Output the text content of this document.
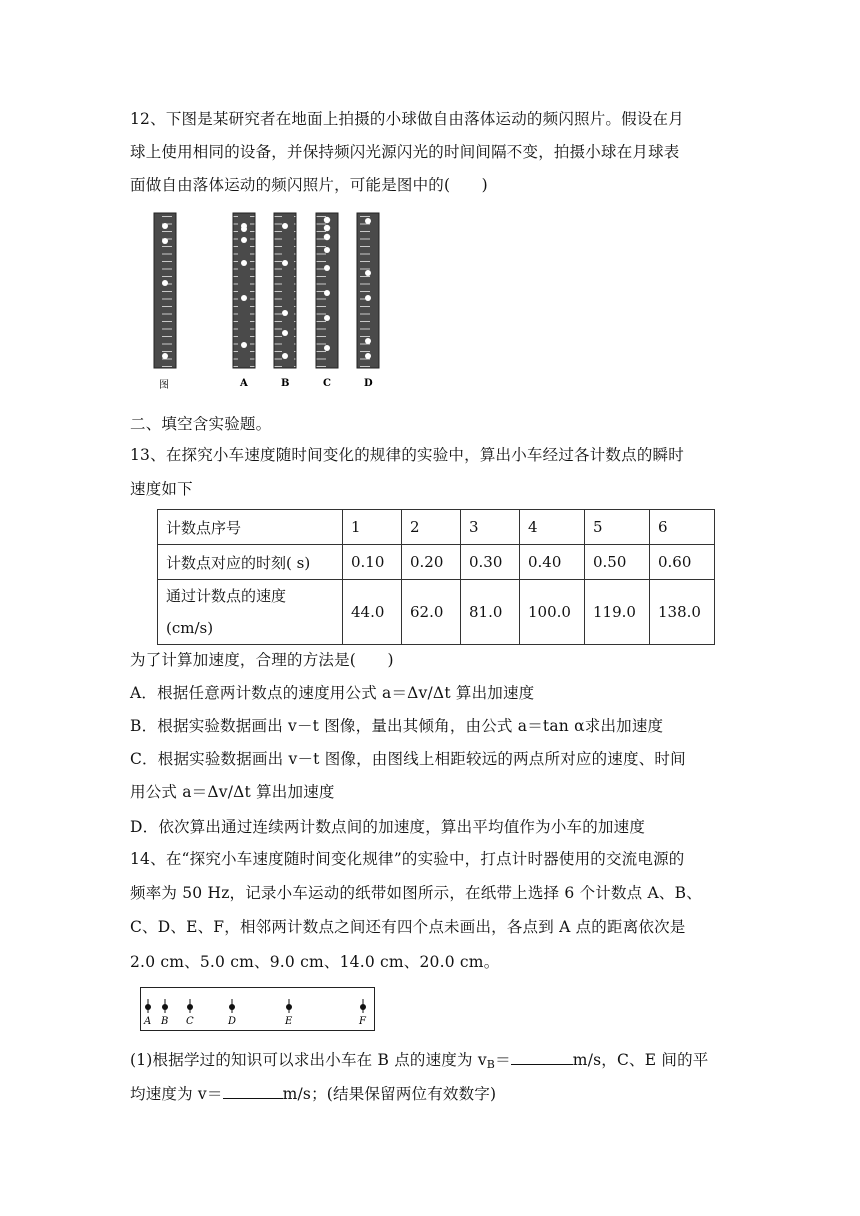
12、下图是某研究者在地面上拍摄的小球做自由落体运动的频闪照片。假设在月
球上使用相同的设备，并保持频闪光源闪光的时间间隔不变，拍摄小球在月球表
面做自由落体运动的频闪照片，可能是图中的(　　)
图	A	B	C	D
二、填空含实验题。
13、在探究小车速度随时间变化的规律的实验中，算出小车经过各计数点的瞬时
速度如下
计数点序号	1	2	3	4	5	6
计数点对应的时刻( s)	0.10	0.20	0.30	0.40	0.50	0.60

通过计数点的速度
(cm/s)	44.0	62.0	81.0	100.0	119.0	138.0
为了计算加速度，合理的方法是(　　)
A．根据任意两计数点的速度用公式 a＝Δv/Δt 算出加速度
B．根据实验数据画出 v－t 图像，量出其倾角，由公式 a＝tan α求出加速度
C．根据实验数据画出 v－t 图像，由图线上相距较远的两点所对应的速度、时间
用公式 a＝Δv/Δt 算出加速度
D．依次算出通过连续两计数点间的加速度，算出平均值作为小车的加速度
14、在“探究小车速度随时间变化规律”的实验中，打点计时器使用的交流电源的
频率为 50 Hz，记录小车运动的纸带如图所示，在纸带上选择 6 个计数点 A、B、
C、D、E、F，相邻两计数点之间还有四个点未画出，各点到 A 点的距离依次是
2.0 cm、5.0 cm、9.0 cm、14.0 cm、20.0 cm。
A B C	D	E	F
(1)根据学过的知识可以求出小车在 B 点的速度为 $v_B=$	m/s，C、E 间的平
均速度为 v＝	m/s；(结果保留两位有效数字)
